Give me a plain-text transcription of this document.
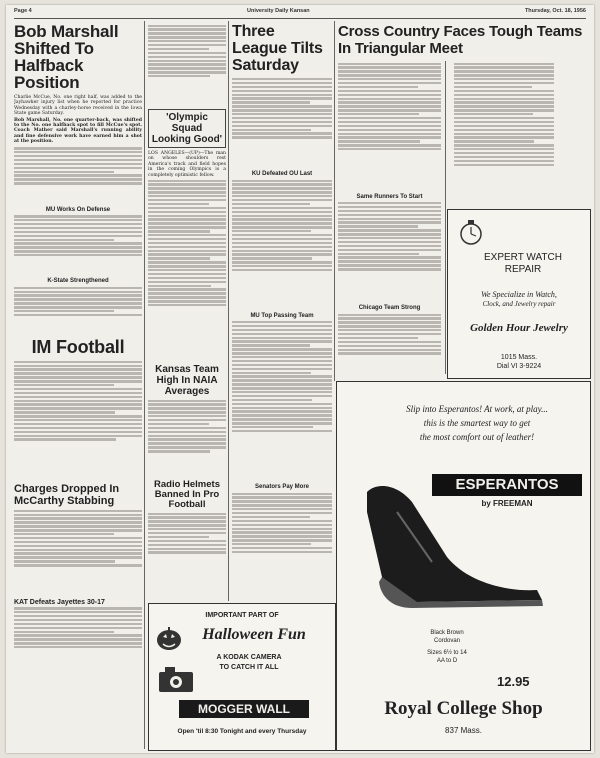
Page 4	University Daily Kansan	Thursday, Oct. 18, 1956
Bob Marshall Shifted To Halfback Position

Charlie McCue, No. one right half, was added to the Jayhawker injury list when he reported for practice Wednesday with a charley-horse received in the Iowa State game Saturday.

Bob Marshall, No. one quarter-back, was shifted to the No. one halfback spot to fill McCue's spot. Coach Mather said Marshall's running ability and fine defensive work have earned him a shot at the position.

MU Works On Defense
K-State Strengthened
IM Football
Charges Dropped In McCarthy Stabbing
KAT Defeats Jayettes 30-17
'Olympic Squad Looking Good'

LOS ANGELES—(UP)—The man on whose shoulders rest America's track and field hopes in the coming Olympics is a completely optimistic fellow.

Kansas Team High In NAIA Averages
Radio Helmets Banned In Pro Football
Three League Tilts Saturday
KU Defeated OU Last
MU Top Passing Team
Senators Pay More
Cross Country Faces Tough Teams In Triangular Meet
Same Runners To Start
Chicago Team Strong
EXPERT WATCH REPAIR
We Specialize in Watch,
Clock, and Jewelry repair
Golden Hour Jewelry
1015 Mass.
Dial VI 3-9224
Slip into Esperantos! At work, at play...
this is the smartest way to get
the most comfort out of leather!
ESPERANTOS
by FREEMAN
Black Brown
Cordovan
Sizes 6½ to 14
AA to D
12.95
Royal College Shop
837 Mass.
IMPORTANT PART OF
Halloween Fun
A KODAK CAMERA
TO CATCH IT ALL
MOGGER WALL
Open 'til 8:30 Tonight and every Thursday
